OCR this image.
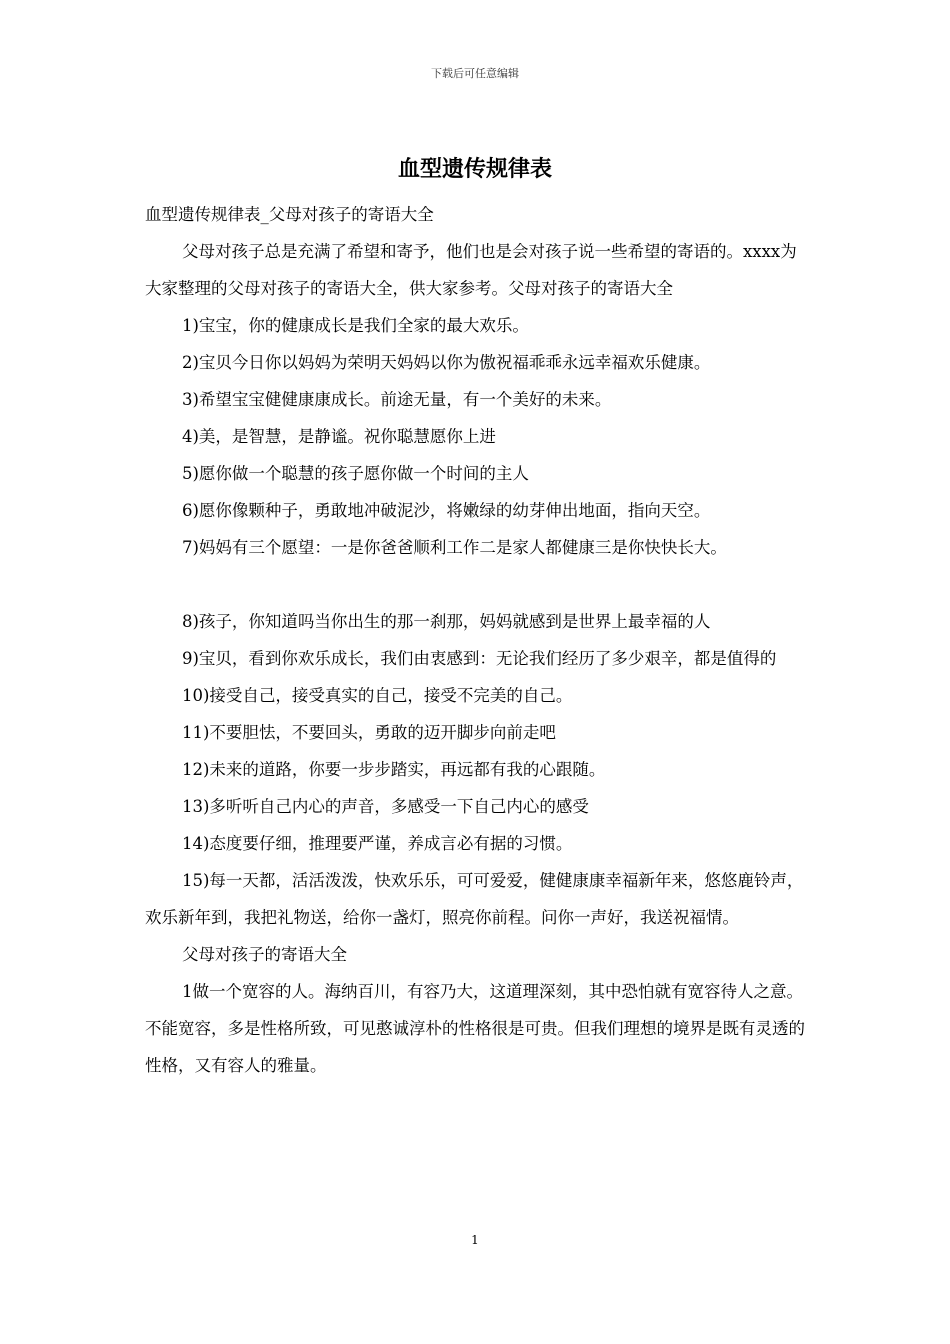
下载后可任意编辑
血型遗传规律表

血型遗传规律表_父母对孩子的寄语大全

父母对孩子总是充满了希望和寄予，他们也是会对孩子说一些希望的寄语的。xxxx为大家整理的父母对孩子的寄语大全，供大家参考。父母对孩子的寄语大全

1)宝宝，你的健康成长是我们全家的最大欢乐。

2)宝贝今日你以妈妈为荣明天妈妈以你为傲祝福乖乖永远幸福欢乐健康。

3)希望宝宝健健康康成长。前途无量，有一个美好的未来。

4)美，是智慧，是静谧。祝你聪慧愿你上进

5)愿你做一个聪慧的孩子愿你做一个时间的主人

6)愿你像颗种子，勇敢地冲破泥沙，将嫩绿的幼芽伸出地面，指向天空。

7)妈妈有三个愿望：一是你爸爸顺利工作二是家人都健康三是你快快长大。

8)孩子，你知道吗当你出生的那一刹那，妈妈就感到是世界上最幸福的人

9)宝贝，看到你欢乐成长，我们由衷感到：无论我们经历了多少艰辛，都是值得的

10)接受自己，接受真实的自己，接受不完美的自己。

11)不要胆怯，不要回头，勇敢的迈开脚步向前走吧

12)未来的道路，你要一步步踏实，再远都有我的心跟随。

13)多听听自己内心的声音，多感受一下自己内心的感受

14)态度要仔细，推理要严谨，养成言必有据的习惯。

15)每一天都，活活泼泼，快欢乐乐，可可爱爱，健健康康幸福新年来，悠悠鹿铃声，欢乐新年到，我把礼物送，给你一盏灯，照亮你前程。问你一声好，我送祝福情。

父母对孩子的寄语大全

1做一个宽容的人。海纳百川，有容乃大，这道理深刻，其中恐怕就有宽容待人之意。不能宽容，多是性格所致，可见憨诚淳朴的性格很是可贵。但我们理想的境界是既有灵透的性格，又有容人的雅量。

1
